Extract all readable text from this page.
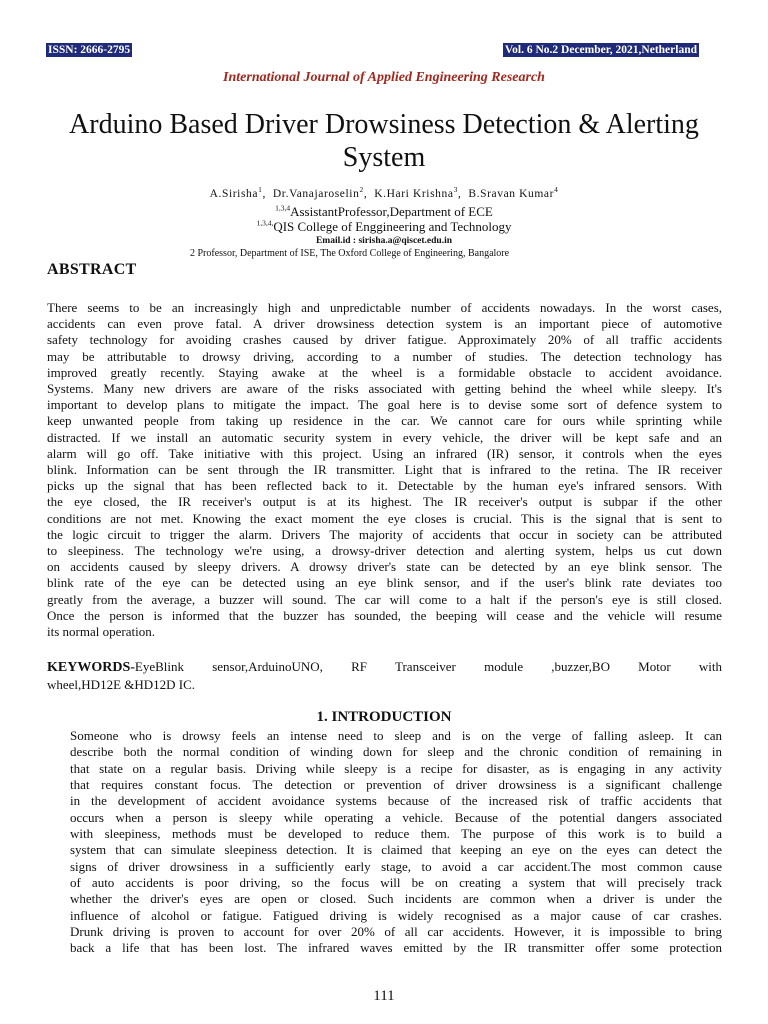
ISSN: 2666-2795	Vol. 6 No.2 December, 2021,Netherland
International Journal of Applied Engineering Research
Arduino Based Driver Drowsiness Detection & Alerting System
A.Sirisha$^1$,  Dr.Vanajaroselin$^2$,  K.Hari Krishna$^3$,  B.Sravan Kumar$^4$
$^{1,3,4}$AssistantProfessor,Department of ECE
$^{1,3,4,}$QIS College of Enggineering and Technology
Email.id : sirisha.a@qiscet.edu.in
2 Professor, Department of ISE, The Oxford College of Engineering, Bangalore
ABSTRACT

There seems to be an increasingly high and unpredictable number of accidents nowadays. In the worst cases,
accidents can even prove fatal. A driver drowsiness detection system is an important piece of automotive
safety technology for avoiding crashes caused by driver fatigue. Approximately 20% of all traffic accidents
may be attributable to drowsy driving, according to a number of studies. The detection technology has
improved greatly recently. Staying awake at the wheel is a formidable obstacle to accident avoidance.
Systems. Many new drivers are aware of the risks associated with getting behind the wheel while sleepy. It's
important to develop plans to mitigate the impact. The goal here is to devise some sort of defence system to
keep unwanted people from taking up residence in the car. We cannot care for ours while sprinting while
distracted. If we install an automatic security system in every vehicle, the driver will be kept safe and an
alarm will go off. Take initiative with this project. Using an infrared (IR) sensor, it controls when the eyes
blink. Information can be sent through the IR transmitter. Light that is infrared to the retina. The IR receiver
picks up the signal that has been reflected back to it. Detectable by the human eye's infrared sensors. With
the eye closed, the IR receiver's output is at its highest. The IR receiver's output is subpar if the other
conditions are not met. Knowing the exact moment the eye closes is crucial. This is the signal that is sent to
the logic circuit to trigger the alarm. Drivers The majority of accidents that occur in society can be attributed
to sleepiness. The technology we're using, a drowsy-driver detection and alerting system, helps us cut down
on accidents caused by sleepy drivers. A drowsy driver's state can be detected by an eye blink sensor. The
blink rate of the eye can be detected using an eye blink sensor, and if the user's blink rate deviates too
greatly from the average, a buzzer will sound. The car will come to a halt if the person's eye is still closed.
Once the person is informed that the buzzer has sounded, the beeping will cease and the vehicle will resume
its normal operation.

KEYWORDS-EyeBlink sensor,ArduinoUNO, RF Transceiver module ,buzzer,BO Motor with
wheel,HD12E &HD12D IC.

1. INTRODUCTION

Someone who is drowsy feels an intense need to sleep and is on the verge of falling asleep. It can
describe both the normal condition of winding down for sleep and the chronic condition of remaining in
that state on a regular basis. Driving while sleepy is a recipe for disaster, as is engaging in any activity
that requires constant focus. The detection or prevention of driver drowsiness is a significant challenge
in the development of accident avoidance systems because of the increased risk of traffic accidents that
occurs when a person is sleepy while operating a vehicle. Because of the potential dangers associated
with sleepiness, methods must be developed to reduce them. The purpose of this work is to build a
system that can simulate sleepiness detection. It is claimed that keeping an eye on the eyes can detect the
signs of driver drowsiness in a sufficiently early stage, to avoid a car accident.The most common cause
of auto accidents is poor driving, so the focus will be on creating a system that will precisely track
whether the driver's eyes are open or closed. Such incidents are common when a driver is under the
influence of alcohol or fatigue. Fatigued driving is widely recognised as a major cause of car crashes.
Drunk driving is proven to account for over 20% of all car accidents. However, it is impossible to bring
back a life that has been lost. The infrared waves emitted by the IR transmitter offer some protection

111
